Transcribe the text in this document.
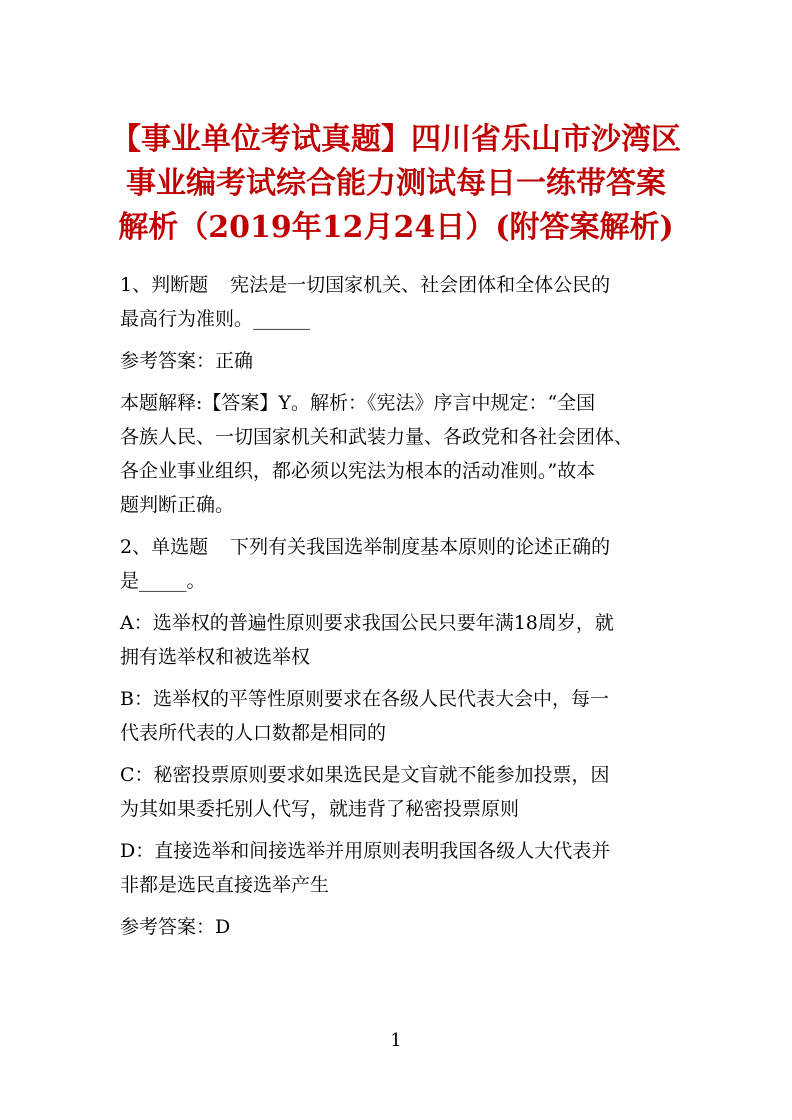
【事业单位考试真题】四川省乐山市沙湾区
事业编考试综合能力测试每日一练带答案
解析（2019年12月24日）(附答案解析)

1、判断题 宪法是一切国家机关、社会团体和全体公民的
最高行为准则。______

参考答案：正确

本题解释:【答案】Y。解析：《宪法》序言中规定：“全国
各族人民、一切国家机关和武装力量、各政党和各社会团体、
各企业事业组织，都必须以宪法为根本的活动准则。”故本
题判断正确。

2、单选题 下列有关我国选举制度基本原则的论述正确的
是_____。

A：选举权的普遍性原则要求我国公民只要年满18周岁，就
拥有选举权和被选举权

B：选举权的平等性原则要求在各级人民代表大会中，每一
代表所代表的人口数都是相同的

C：秘密投票原则要求如果选民是文盲就不能参加投票，因
为其如果委托别人代写，就违背了秘密投票原则

D：直接选举和间接选举并用原则表明我国各级人大代表并
非都是选民直接选举产生

参考答案：D

1
